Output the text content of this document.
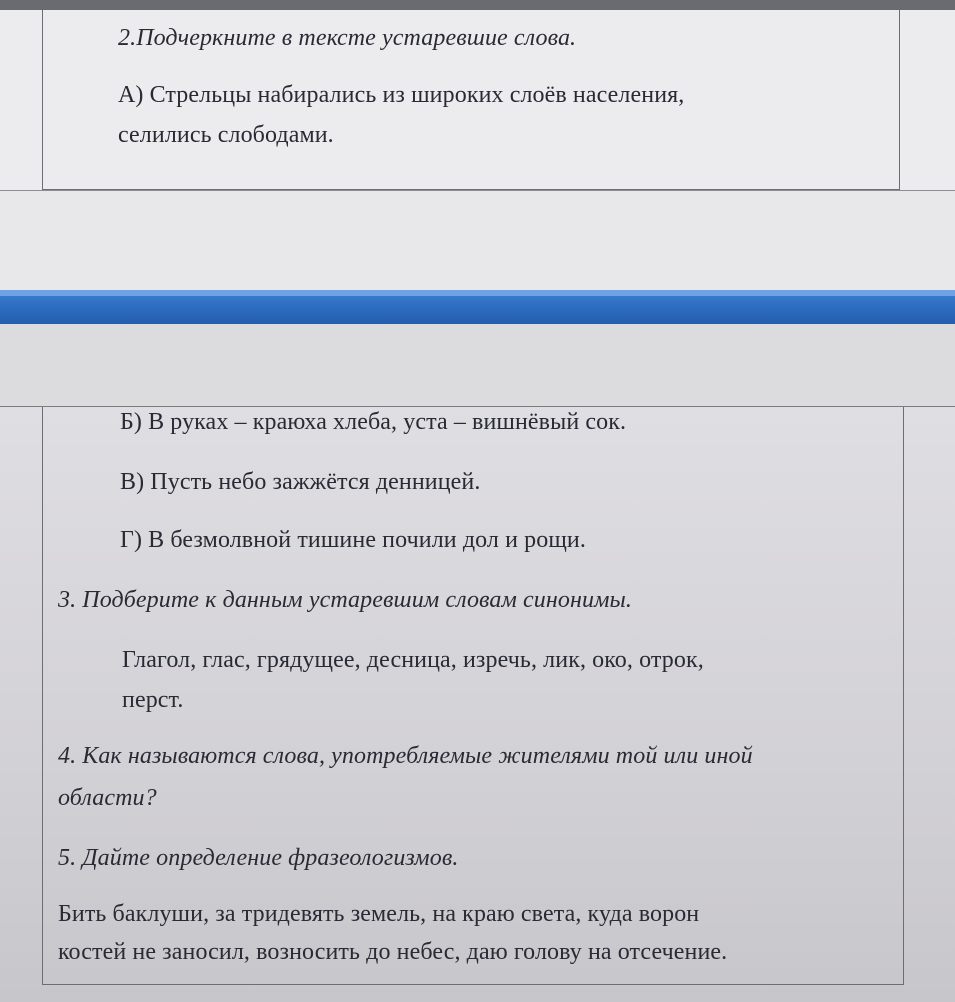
2.Подчеркните в тексте устаревшие слова.
А) Стрельцы набирались из широких слоёв населения,
селились слободами.
Б) В руках – краюха хлеба, уста – вишнёвый сок.
В) Пусть небо зажжётся денницей.
Г) В безмолвной тишине почили дол и рощи.
3. Подберите к данным устаревшим словам синонимы.
Глагол, глас, грядущее, десница, изречь, лик, око, отрок,
перст.
4. Как называются слова, употребляемые жителями той или иной
области?
5. Дайте определение фразеологизмов.
Бить баклуши, за тридевять земель, на краю света, куда ворон
костей не заносил, возносить до небес, даю голову на отсечение.
